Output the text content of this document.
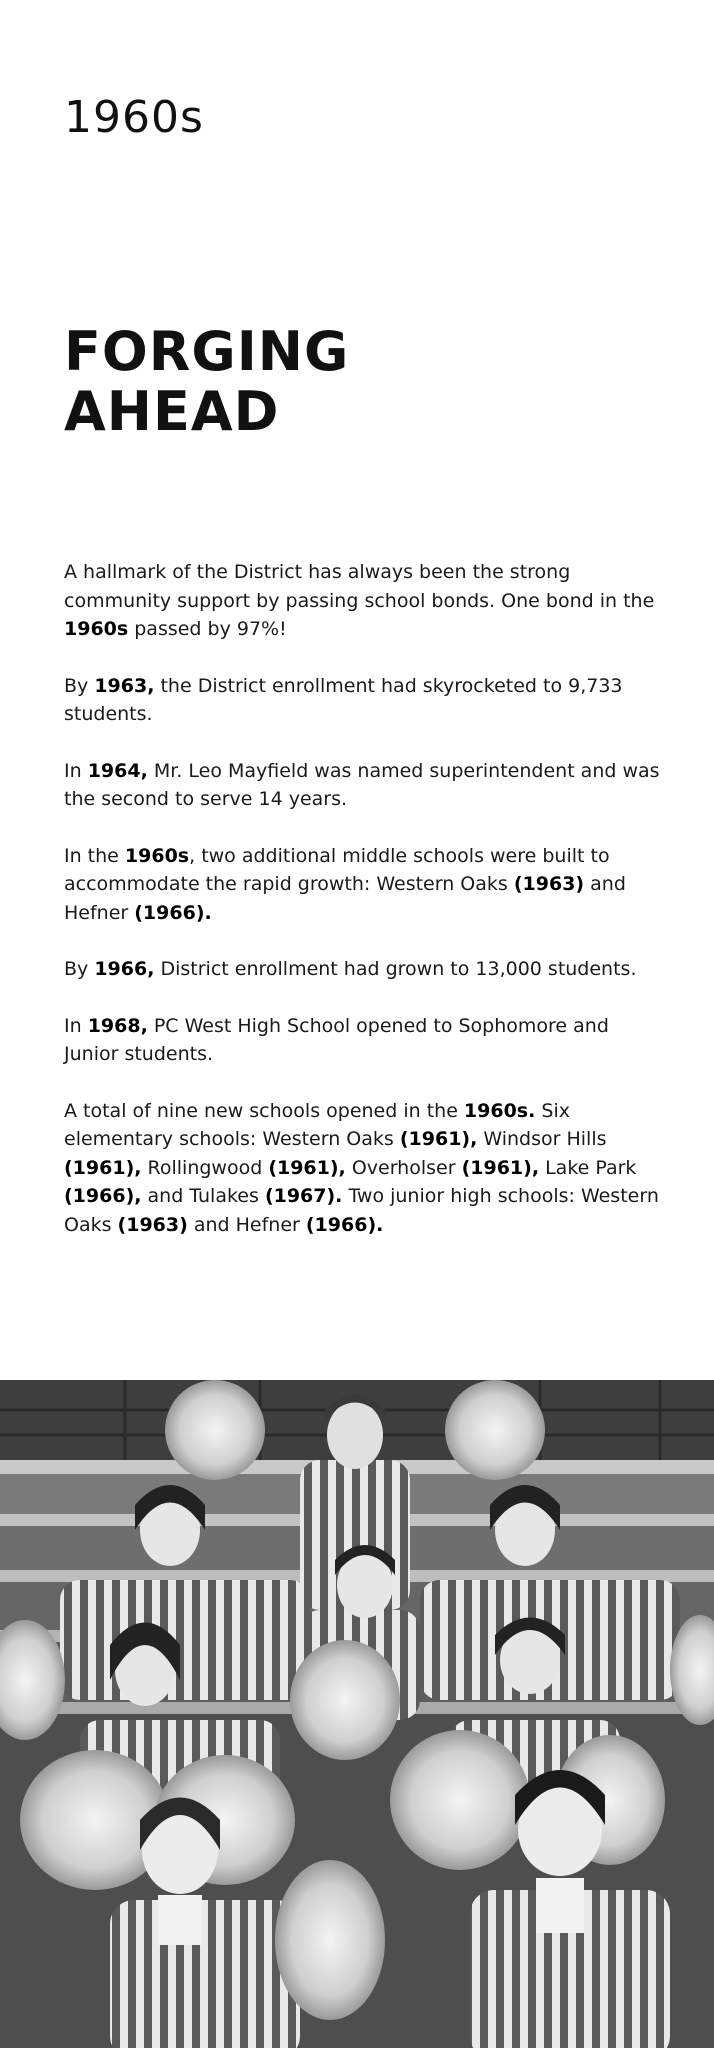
1960s
FORGING
AHEAD

A hallmark of the District has always been the strong community support by passing school bonds. One bond in the 1960s passed by 97%!

By 1963, the District enrollment had skyrocketed to 9,733 students.

In 1964, Mr. Leo Mayfield was named superintendent and was the second to serve 14 years.

In the 1960s, two additional middle schools were built to accommodate the rapid growth: Western Oaks (1963) and Hefner (1966).

By 1966, District enrollment had grown to 13,000 students.

In 1968, PC West High School opened to Sophomore and Junior students.

A total of nine new schools opened in the 1960s. Six elementary schools: Western Oaks (1961), Windsor Hills (1961), Rollingwood (1961), Overholser (1961), Lake Park (1966), and Tulakes (1967). Two junior high schools: Western Oaks (1963) and Hefner (1966).
